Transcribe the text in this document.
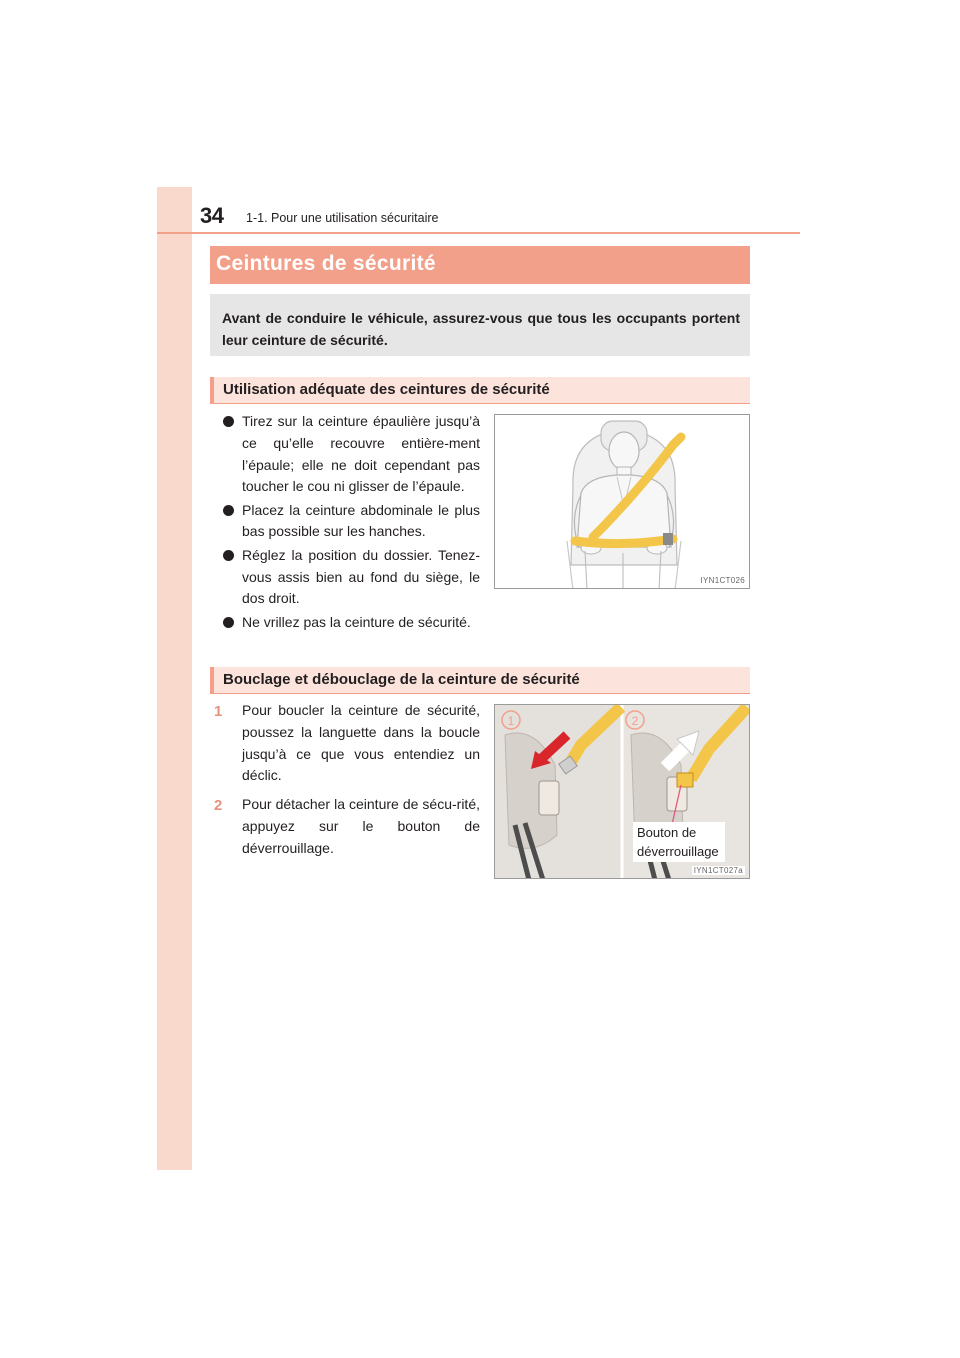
34 1-1. Pour une utilisation sécuritaire
Ceintures de sécurité

Avant de conduire le véhicule, assurez-vous que tous les occupants portent leur ceinture de sécurité.

Utilisation adéquate des ceintures de sécurité
Tirez sur la ceinture épaulière jusqu’à ce qu’elle recouvre entière-ment l’épaule; elle ne doit cependant pas toucher le cou ni glisser de l’épaule.
Placez la ceinture abdominale le plus bas possible sur les hanches.
Réglez la position du dossier. Tenez-vous assis bien au fond du siège, le dos droit.
Ne vrillez pas la ceinture de sécurité.
IYN1CT026
Bouclage et débouclage de la ceinture de sécurité
1 Pour boucler la ceinture de sécurité, poussez la languette dans la boucle jusqu’à ce que vous entendiez un déclic.
2 Pour détacher la ceinture de sécu-rité, appuyez sur le bouton de déverrouillage.
1	2
Bouton de
déverrouillage
IYN1CT027a
